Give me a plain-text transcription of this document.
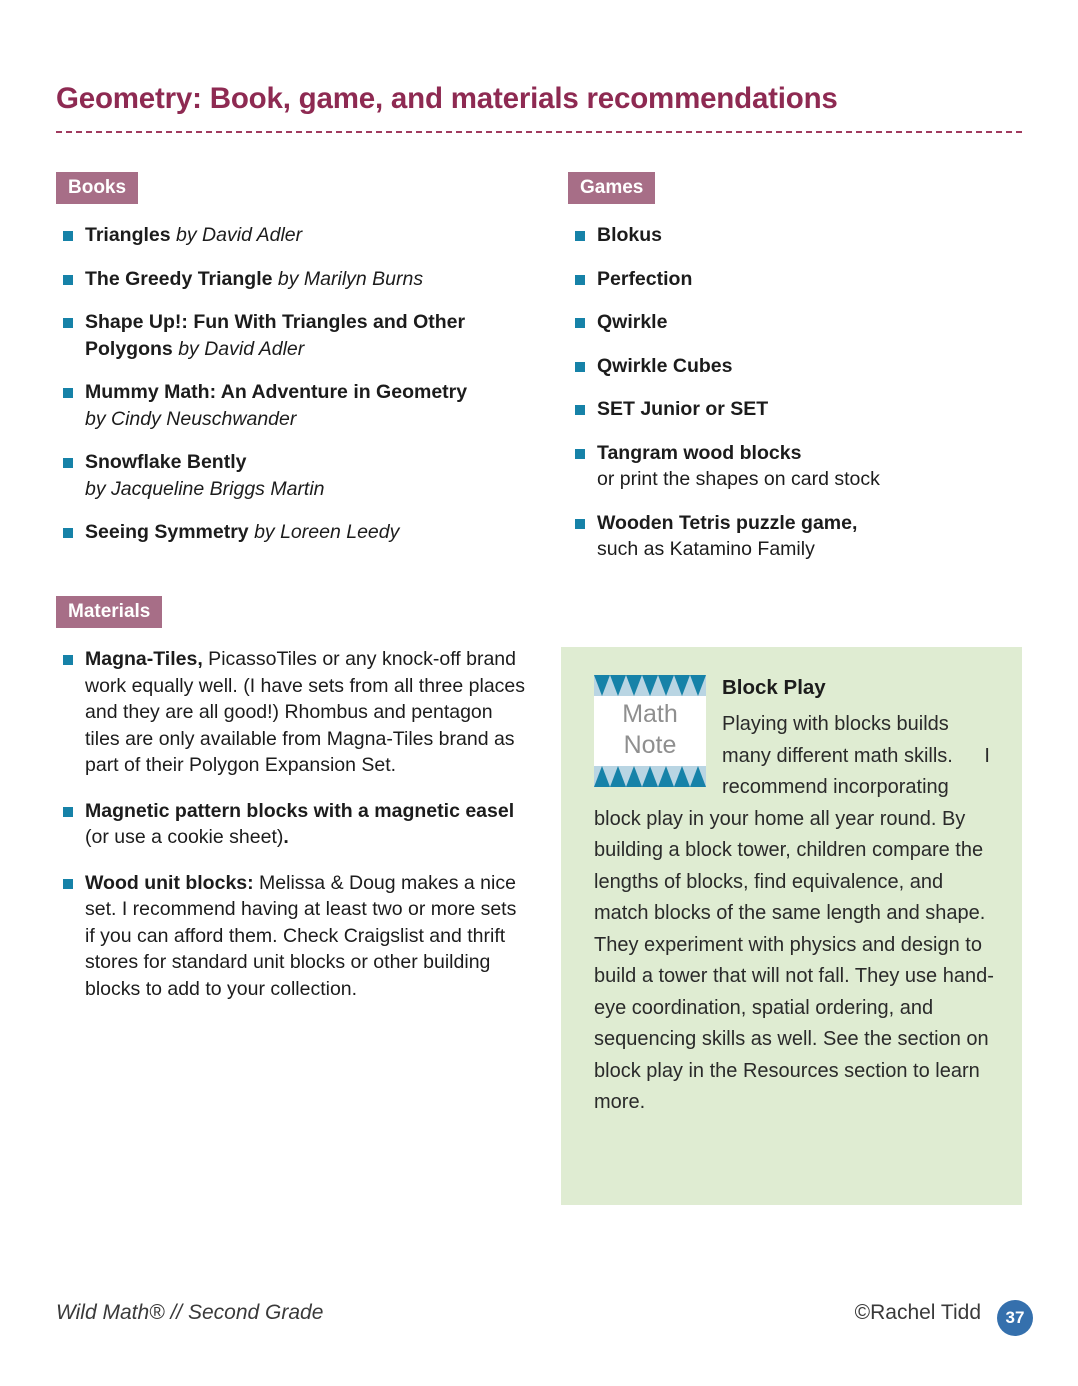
Geometry: Book, game, and materials recommendations
Books	Games
Materials
Triangles by David Adler
The Greedy Triangle by Marilyn Burns
Shape Up!: Fun With Triangles and Other Polygons by David Adler
Mummy Math: An Adventure in Geometry
by Cindy Neuschwander
Snowflake Bently
by Jacqueline Briggs Martin
Seeing Symmetry by Loreen Leedy
Blokus
Perfection
Qwirkle
Qwirkle Cubes
SET Junior or SET
Tangram wood blocks
or print the shapes on card stock
Wooden Tetris puzzle game,
such as Katamino Family
Magna-Tiles, PicassoTiles or any knock-off brand work equally well. (I have sets from all three places and they are all good!) Rhombus and pentagon tiles are only available from Magna-Tiles brand as part of their Polygon Expansion Set.
Magnetic pattern blocks with a magnetic easel (or use a cookie sheet).
Wood unit blocks: Melissa & Doug makes a nice set. I recommend having at least two or more sets if you can afford them. Check Craigslist and thrift stores for standard unit blocks or other building blocks to add to your collection.
Math
Note
Block Play
Playing with blocks builds many different math skills. I recommend incorporating block play in your home all year round. By building a block tower, children compare the lengths of blocks, find equivalence, and match blocks of the same length and shape. They experiment with physics and design to build a tower that will not fall. They use hand-eye coordination, spatial ordering, and sequencing skills as well. See the section on block play in the Resources section to learn more.
Wild Math® // Second Grade	©Rachel Tidd	37
